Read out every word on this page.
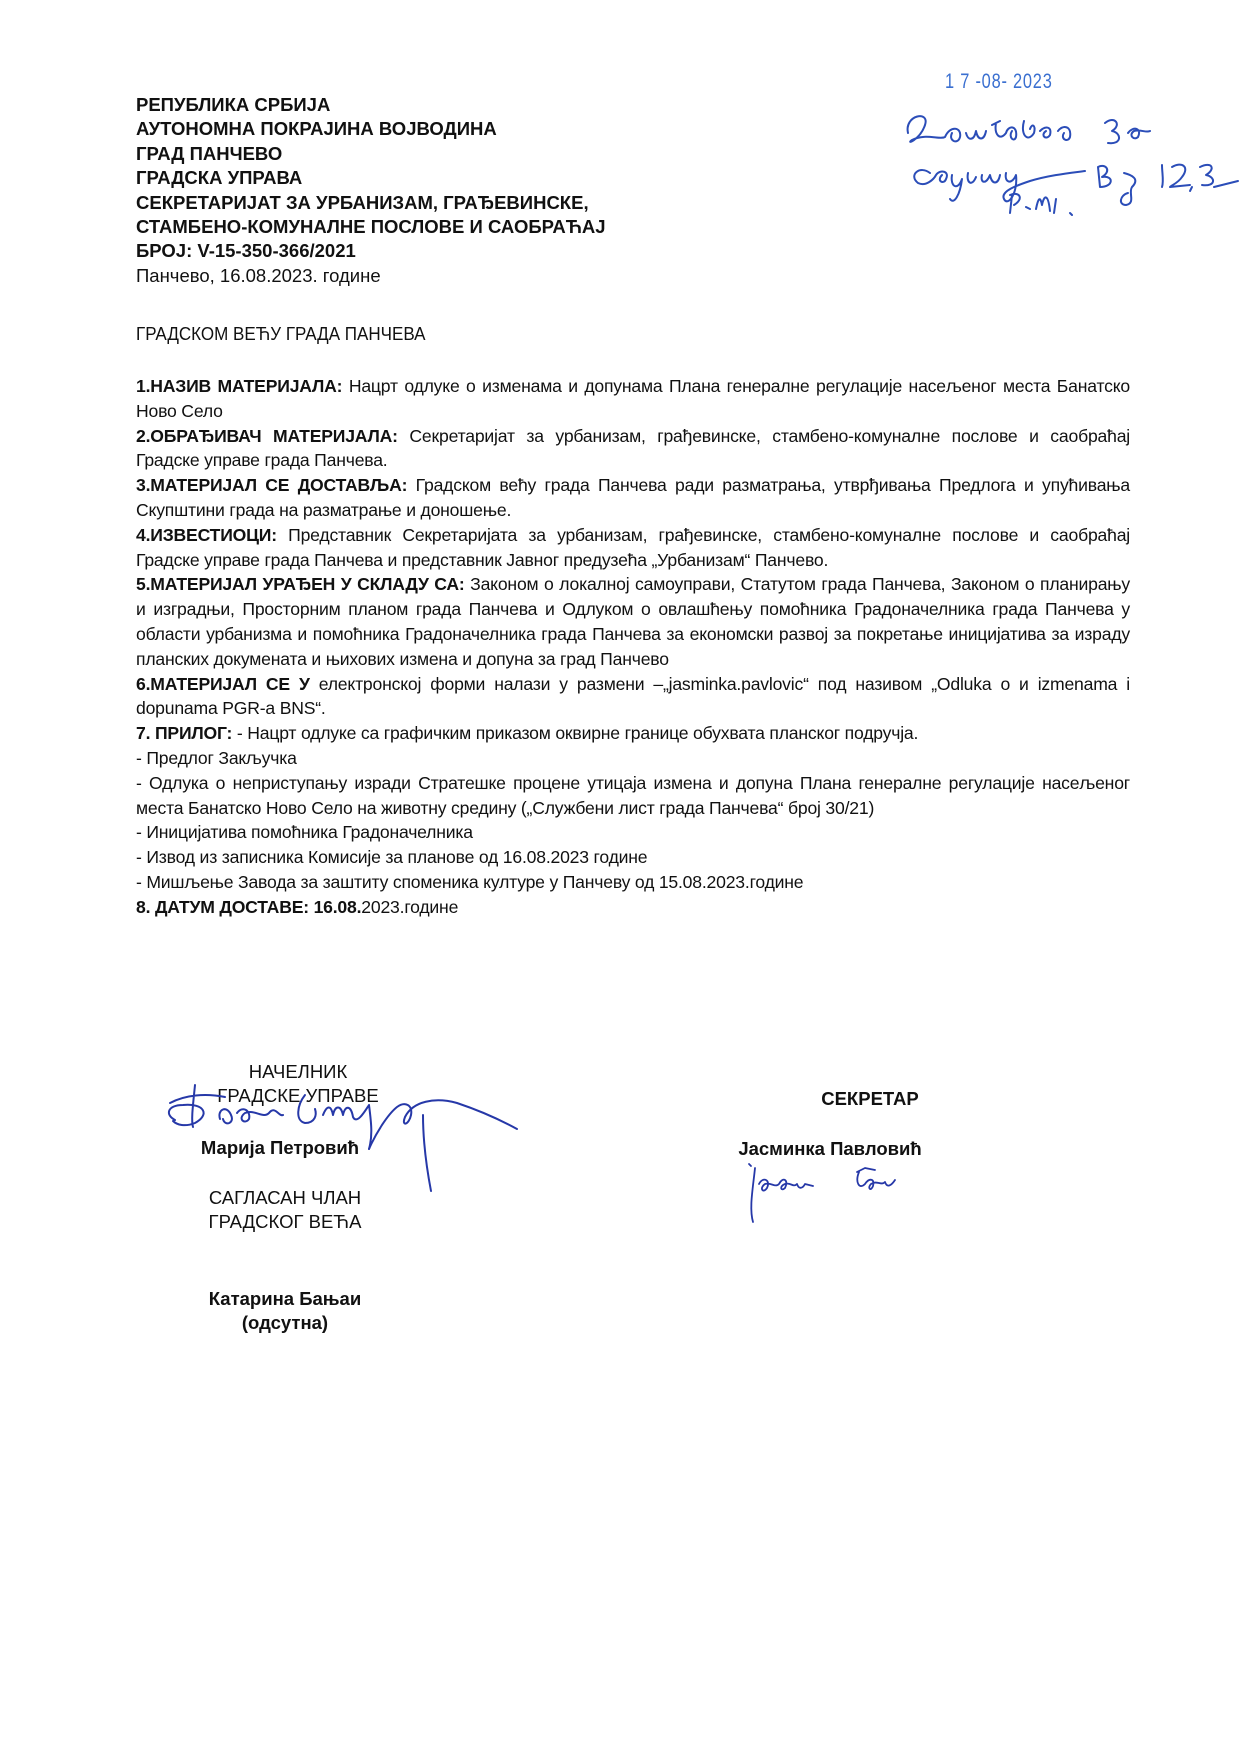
РЕПУБЛИКА СРБИЈА
АУТОНОМНА ПОКРАЈИНА ВОЈВОДИНА
ГРАД ПАНЧЕВО
ГРАДСКА УПРАВА
СЕКРЕТАРИЈАТ ЗА УРБАНИЗАМ, ГРАЂЕВИНСКЕ,
СТАМБЕНО-КОМУНАЛНЕ ПОСЛОВЕ И САОБРАЋАЈ
БРОЈ: V-15-350-366/2021
Панчево, 16.08.2023. године
1 7 -08- 2023
ГРАДСКОМ ВЕЋУ ГРАДА ПАНЧЕВА

1.НАЗИВ МАТЕРИЈАЛА: Нацрт одлуке о изменама и допунама Плана генералне регулације насељеног места Банатско Ново Село

2.ОБРАЂИВАЧ МАТЕРИЈАЛА: Секретаријат за урбанизам, грађевинске, стамбено-комуналне послове и саобраћај Градске управе града Панчева.

3.МАТЕРИЈАЛ СЕ ДОСТАВЉА: Градском већу града Панчева ради разматрања, утврђивања Предлога и упућивања Скупштини града на разматрање и доношење.

4.ИЗВЕСТИОЦИ: Представник Секретаријата за урбанизам, грађевинске, стамбено-комуналне послове и саобраћај Градске управе града Панчева и представник Јавног предузећа „Урбанизам“ Панчево.

5.МАТЕРИЈАЛ УРАЂЕН У СКЛАДУ СА: Законом о локалној самоуправи, Статутом града Панчева, Законом о планирању и изградњи, Просторним планом града Панчева и Одлуком о овлашћењу помоћника Градоначелника града Панчева у области урбанизма и помоћника Градоначелника града Панчева за економски развој за покретање иницијатива за израду планских докумената и њихових измена и допуна за град Панчево

6.МАТЕРИЈАЛ СЕ У електронској форми налази у размени –„jasminka.pavlovic“ под називом „Odluka o и izmenama i dopunama PGR-a BNS“.

7. ПРИЛОГ: - Нацрт одлуке са графичким приказом оквирне границе обухвата планског подручја.

- Предлог Закључка

- Одлука о неприступању изради Стратешке процене утицаја измена и допуна Плана генералне регулације насељеног места Банатско Ново Село на животну средину („Службени лист града Панчева“ број 30/21)

- Иницијатива помоћника Градоначелника

- Извод из записника Комисије за планове од 16.08.2023 године

- Мишљење Завода за заштиту споменика културе у Панчеву од 15.08.2023.године

8. ДАТУМ ДОСТАВЕ: 16.08.2023.године

НАЧЕЛНИК
ГРАДСКЕ УПРАВЕ
Марија Петровић
САГЛАСАН ЧЛАН
ГРАДСКОГ ВЕЋА
Катарина Бањаи
(одсутна)
СЕКРЕТАР
Јасминка Павловић
